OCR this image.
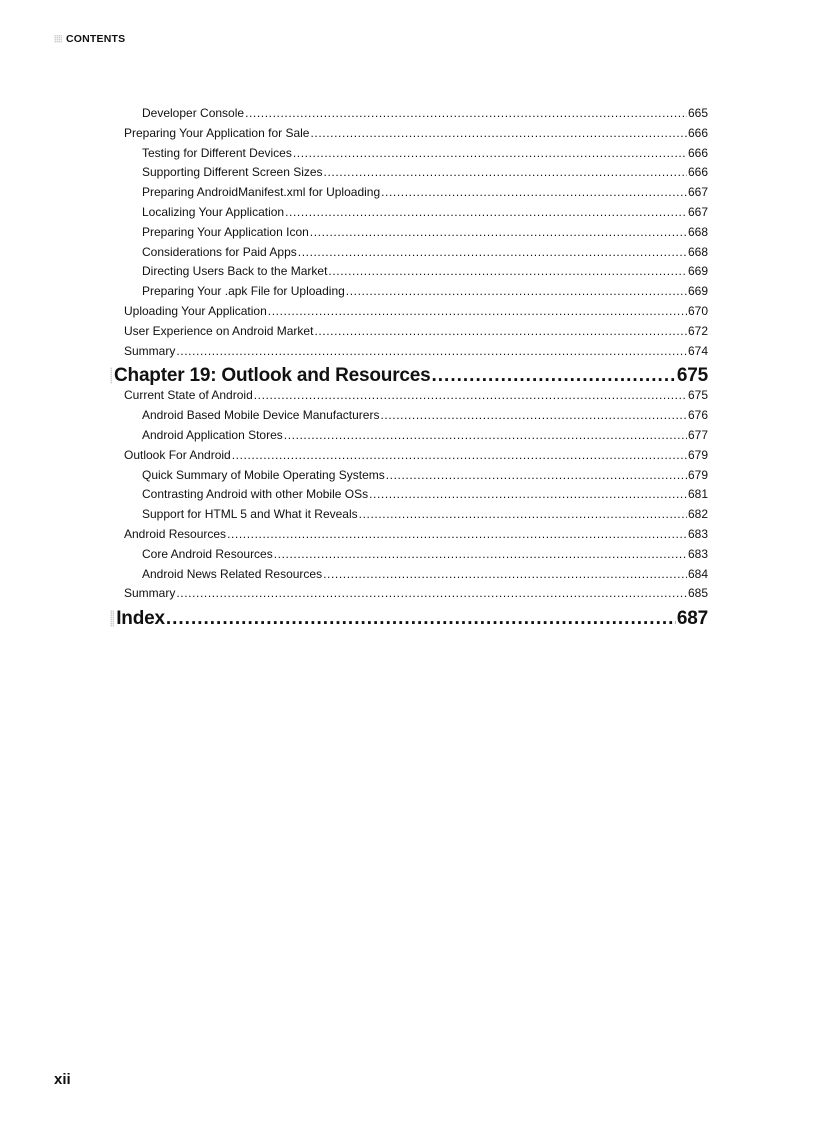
CONTENTS
Developer Console .....	665
Preparing Your Application for Sale .....	666
Testing for Different Devices .....	666
Supporting Different Screen Sizes .....	666
Preparing AndroidManifest.xml for Uploading .....	667
Localizing Your Application .....	667
Preparing Your Application Icon .....	668
Considerations for Paid Apps .....	668
Directing Users Back to the Market .....	669
Preparing Your .apk File for Uploading .....	669
Uploading Your Application .....	670
User Experience on Android Market .....	672
Summary .....	674
Chapter 19: Outlook and Resources .....	675
Current State of Android .....	675
Android Based Mobile Device Manufacturers .....	676
Android Application Stores .....	677
Outlook For Android .....	679
Quick Summary of Mobile Operating Systems .....	679
Contrasting Android with other Mobile OSs .....	681
Support for HTML 5 and What it Reveals .....	682
Android Resources .....	683
Core Android Resources .....	683
Android News Related Resources .....	684
Summary .....	685
Index .....	687
xii
